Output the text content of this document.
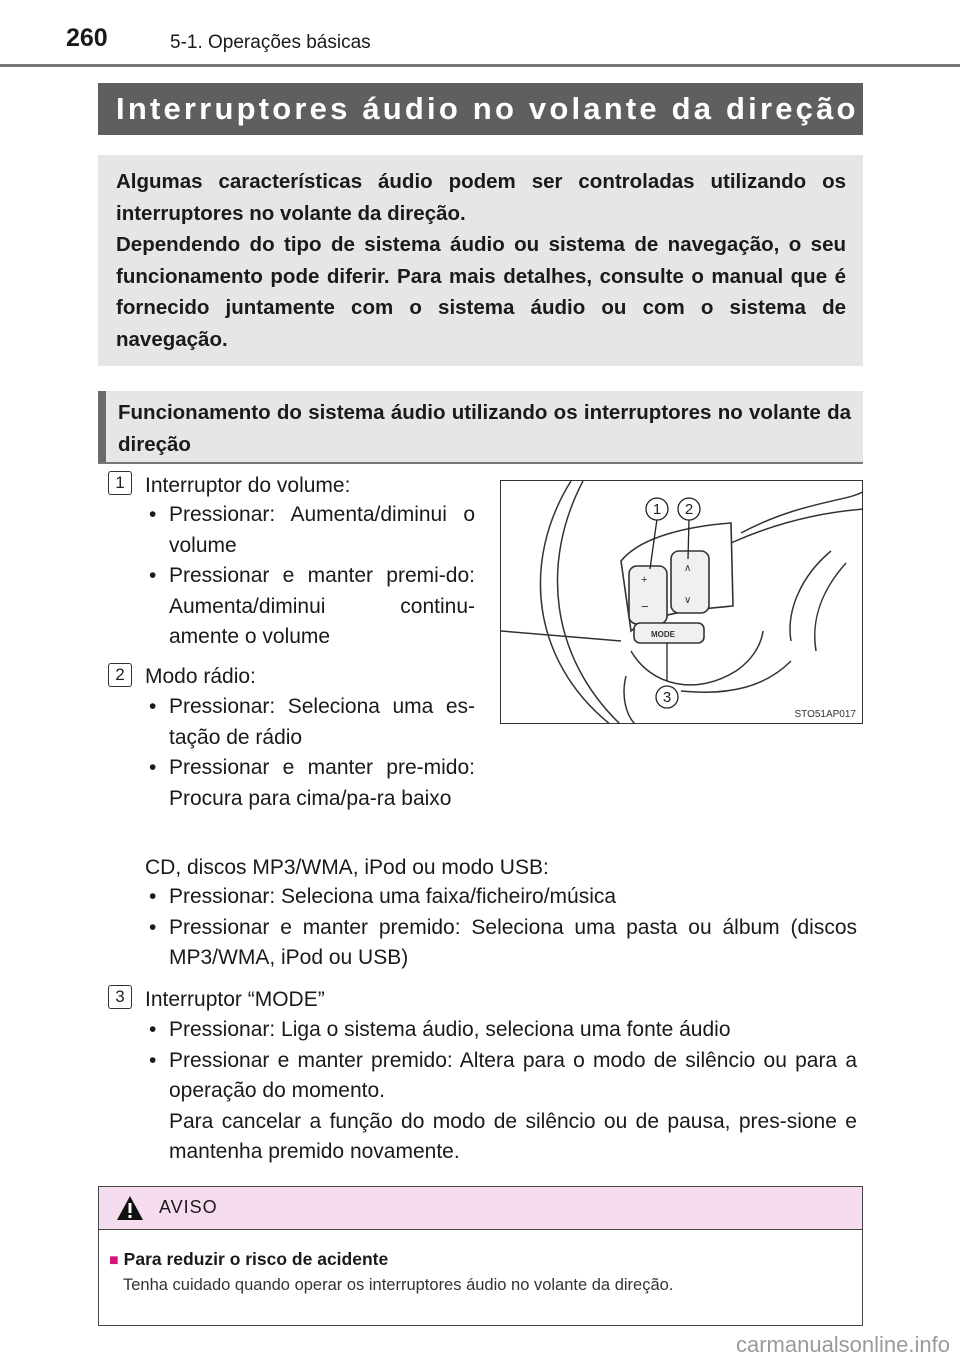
260	5-1. Operações básicas
Interruptores áudio no volante da direção

Algumas características áudio podem ser controladas utilizando os interruptores no volante da direção.

Dependendo do tipo de sistema áudio ou sistema de navegação, o seu funcionamento pode diferir. Para mais detalhes, consulte o manual que é fornecido juntamente com o sistema áudio ou com o sistema de navegação.

Funcionamento do sistema áudio utilizando os interruptores no volante da direção
1 Interruptor do volume:
• Pressionar: Aumenta/diminui o volume
• Pressionar e manter premi-do: Aumenta/diminui continu-amente o volume
2 Modo rádio:
• Pressionar: Seleciona uma es-tação de rádio
• Pressionar e manter pre-mido: Procura para cima/pa-ra baixo
CD, discos MP3/WMA, iPod ou modo USB:
• Pressionar: Seleciona uma faixa/ficheiro/música
• Pressionar e manter premido: Seleciona uma pasta ou álbum (discos MP3/WMA, iPod ou USB)
3 Interruptor “MODE”
• Pressionar: Liga o sistema áudio, seleciona uma fonte áudio
• Pressionar e manter premido: Altera para o modo de silêncio ou para a operação do momento.
Para cancelar a função do modo de silêncio ou de pausa, pres-sione e mantenha premido novamente.
+
−
∧
∨
MODE
1 2
3
STO51AP017
AVISO
■ Para reduzir o risco de acidente
Tenha cuidado quando operar os interruptores áudio no volante da direção.
carmanualsonline.info
